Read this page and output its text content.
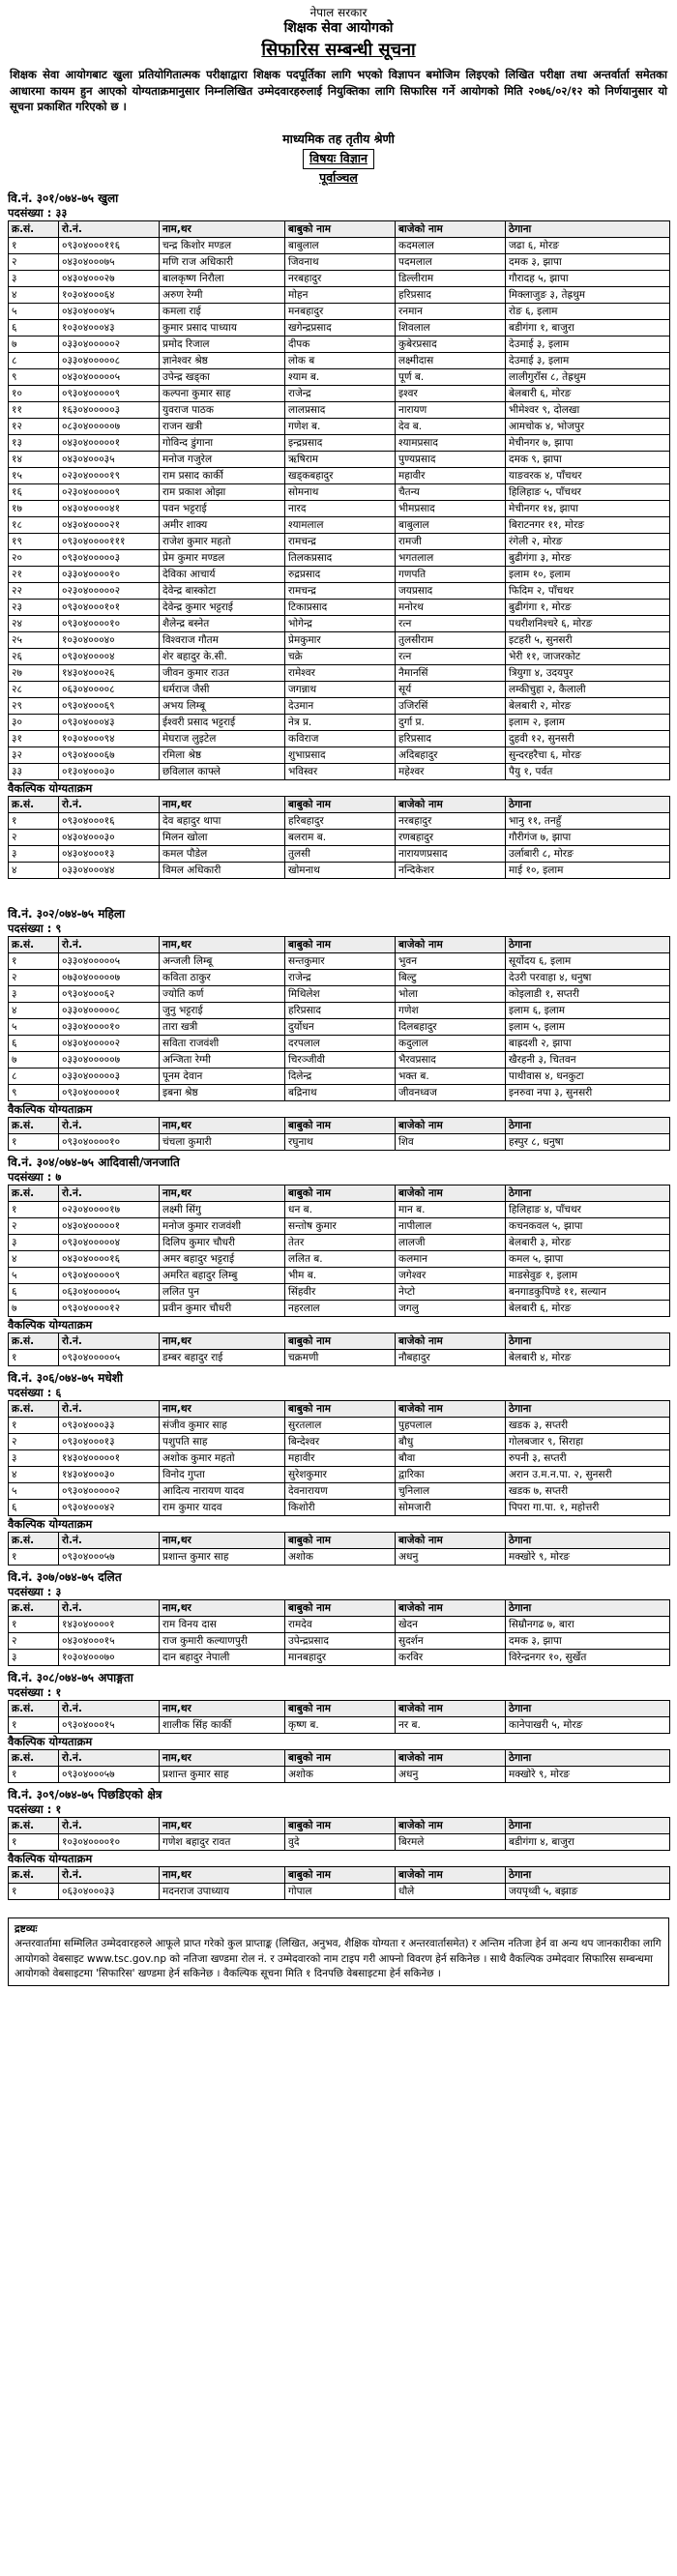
नेपाल सरकार
शिक्षक सेवा आयोगको
सिफारिस सम्बन्धी सूचना
शिक्षक सेवा आयोगबाट खुला प्रतियोगितात्मक परीक्षाद्वारा शिक्षक पदपूर्तिका लागि भएको विज्ञापन बमोजिम लिइएको लिखित परीक्षा तथा अन्तर्वार्ता समेतका आधारमा कायम हुन आएको योग्यताक्रमानुसार निम्नलिखित उम्मेदवारहरुलाई नियुक्तिका लागि सिफारिस गर्ने आयोगको मिति २०७६/०२/१२ को निर्णयानुसार यो सूचना प्रकाशित गरिएको छ ।
माध्यमिक तह तृतीय श्रेणी
विषयः विज्ञान
पूर्वाञ्चल
वि.नं. ३०१/०७४-७५ खुला
पदसंख्या : ३३
क्र.सं.	रो.नं.	नाम,थर	बाबुको नाम	बाजेको नाम	ठेगाना
१	०९३०४०००११६	चन्द्र किशोर मण्डल	बाबुलाल	कदमलाल	जढा ६, मोरङ
२	०४३०४०००७५	मणि राज अधिकारी	जिवनाथ	पदमलाल	दमक ३, झापा
३	०४३०४०००२७	बालकृष्ण निरौला	नरबहादुर	डिल्लीराम	गौरादह ५, झापा
४	१०३०४०००६४	अरुण रेग्मी	मोहन	हरिप्रसाद	मिक्लाजुङ ३, तेह्रथुम
५	०४३०४०००४५	कमला राई	मनबहादुर	रनमान	रोङ ६, इलाम
६	१०३०४०००४३	कुमार प्रसाद पाध्याय	खगेन्द्रप्रसाद	शिवलाल	बडीगंगा १, बाजुरा
७	०३३०४०००००२	प्रमोद रिजाल	दीपक	कुबेरप्रसाद	देउमाई ३, इलाम
८	०३३०४०००००८	ज्ञानेश्वर श्रेष्ठ	लोक ब	लक्ष्मीदास	देउमाई ३, इलाम
९	०४३०४०००००५	उपेन्द्र खड्का	श्याम ब.	पूर्ण ब.	लालीगुराँस ८, तेह्रथुम
१०	०९३०४०००००९	कल्पना कुमार साह	राजेन्द्र	इश्वर	बेलबारी ६, मोरङ
११	१६३०४०००००३	युवराज पाठक	लालप्रसाद	नारायण	भीमेश्वर ९, दोलखा
१२	०८३०४०००००७	राजन खत्री	गणेश ब.	देव ब.	आमचोक ४, भोजपुर
१३	०४३०४०००००१	गोविन्द डुंगाना	इन्द्रप्रसाद	श्यामप्रसाद	मेचीनगर ७, झापा
१४	०४३०४०००३५	मनोज गजुरेल	ऋषिराम	पुण्यप्रसाद	दमक ९, झापा
१५	०२३०४००००१९	राम प्रसाद कार्की	खड्कबहादुर	महावीर	याङवरक ४, पाँचथर
१६	०२३०४०००००९	राम प्रकाश ओझा	सोमनाथ	चैतन्य	हिलिहाङ ५, पाँचथर
१७	०४३०४००००४१	पवन भट्टराई	नारद	भीमप्रसाद	मेचीनगर १४, झापा
१८	०४३०४००००२१	अमीर शाक्य	श्यामलाल	बाबुलाल	बिराटनगर ११, मोरङ
१९	०९३०४००००१११	राजेश कुमार महतो	रामचन्द्र	रामजी	रंगेली २, मोरङ
२०	०९३०४०००००३	प्रेम कुमार मण्डल	तिलकप्रसाद	भगतलाल	बुढीगंगा ३, मोरङ
२१	०३३०४००००१०	देविका आचार्य	रुद्रप्रसाद	गणपति	इलाम १०, इलाम
२२	०२३०४०००००२	देवेन्द्र बास्कोटा	रामचन्द्र	जयप्रसाद	फिदिम २, पाँचथर
२३	०९३०४०००१०१	देवेन्द्र कुमार भट्टराई	टिकाप्रसाद	मनोरथ	बुढीगंगा १, मोरङ
२४	०९३०४००००१०	शैलेन्द्र बस्नेत	भोगेन्द्र	रत्न	पथरीशनिश्चरे ६, मोरङ
२५	१०३०४०००४०	विश्वराज गौतम	प्रेमकुमार	तुलसीराम	इटहरी ५, सुनसरी
२६	०९३०४००००४	शेर बहादुर के.सी.	चक्रे	रत्न	भेरी ११, जाजरकोट
२७	१४३०४०००२६	जीवन कुमार राउत	रामेश्वर	नैमानसिं	त्रियुगा ४, उदयपुर
२८	०६३०४००००८	धर्मराज जैसी	जगन्नाथ	सूर्य	लम्कीचुहा २, कैलाली
२९	०९३०४०००६९	अभय लिम्बू	देउमान	उजिरसिं	बेलबारी २, मोरङ
३०	०९३०४०००४३	ईश्वरी प्रसाद भट्टराई	नेत्र प्र.	दुर्गा प्र.	इलाम २, इलाम
३१	१०३०४०००९४	मेघराज लुइटेल	कविराज	हरिप्रसाद	दुहवी १२, सुनसरी
३२	०९३०४०००६७	रमिला श्रेष्ठ	शुभाप्रसाद	अदिबहादुर	सुन्दरहरैचा ६, मोरङ
३३	०१३०४०००३०	छविलाल काफ्ले	भविस्वर	महेश्वर	पैयु १, पर्वत
वैकल्पिक योग्यताक्रम
क्र.सं.	रो.नं.	नाम,थर	बाबुको नाम	बाजेको नाम	ठेगाना
१	०९३०४०००१६	देव बहादुर थापा	हरिबहादुर	नरबहादुर	भानु ११, तनहुँ
२	०४३०४०००३०	मिलन खोला	बलराम ब.	रणबहादुर	गौरीगंज ७, झापा
३	०४३०४०००१३	कमल पौडेल	तुलसी	नारायणप्रसाद	उर्लाबारी ८, मोरङ
४	०३३०४०००४४	विमल अधिकारी	खोमनाथ	नन्दिकेशर	माई १०, इलाम
वि.नं. ३०२/०७४-७५ महिला
पदसंख्या : ९
क्र.सं.	रो.नं.	नाम,थर	बाबुको नाम	बाजेको नाम	ठेगाना
१	०३३०४०००००५	अन्जली लिम्बू	सन्तकुमार	भुवन	सूर्योदय ६, इलाम
२	०७३०४०००००७	कविता ठाकुर	राजेन्द्र	बिल्टु	देउरी परवाहा ४, धनुषा
३	०९३०४०००६२	ज्योति कर्ण	मिथिलेश	भोला	कोइलाडी १, सप्तरी
४	०३३०४०००००८	जुनु भट्टराई	हरिप्रसाद	गणेश	इलाम ६, इलाम
५	०३३०४००००१०	तारा खत्री	दुर्योधन	दिलबहादुर	इलाम ५, इलाम
६	०४३०४०००००२	सविता राजवंशी	दरपलाल	कदुलाल	बाह्रदशी २, झापा
७	०३३०४०००००७	अन्जिता रेग्मी	चिरञ्जीवी	भैरवप्रसाद	खैरहनी ३, चितवन
८	०३३०४०००००३	पूनम देवान	दिलेन्द्र	भक्त ब.	पाथीवास ४, धनकुटा
९	०९३०४०००००१	इबना श्रेष्ठ	बद्रिनाथ	जीवनध्वज	इनरुवा नपा ३, सुनसरी
वैकल्पिक योग्यताक्रम
क्र.सं.	रो.नं.	नाम,थर	बाबुको नाम	बाजेको नाम	ठेगाना
१	०९३०४००००१०	चंचला कुमारी	रघुनाथ	शिव	हस्पुर ८, धनुषा
वि.नं. ३०४/०७४-७५ आदिवासी/जनजाति
पदसंख्या : ७
क्र.सं.	रो.नं.	नाम,थर	बाबुको नाम	बाजेको नाम	ठेगाना
१	०२३०४००००१७	लक्ष्मी सिंगु	धन ब.	मान ब.	हिलिहाङ ४, पाँचथर
२	०४३०४०००००१	मनोज कुमार राजवंशी	सन्तोष कुमार	नापीलाल	कचनकवल ५, झापा
३	०९३०४०००००४	दिलिप कुमार चौधरी	तेतर	लालजी	बेलबारी ३, मोरङ
४	०४३०४००००१६	अमर बहादुर भट्टराई	ललित ब.	कलमान	कमल ५, झापा
५	०९३०४०००००९	अमरित बहादुर लिम्बु	भीम ब.	जगेश्वर	माडसेवुङ १, इलाम
६	०६३०४०००००५	ललित पुन	सिंहवीर	नेप्टो	बनगाडकुपिण्डे ११, सल्यान
७	०९३०४००००१२	प्रवीन कुमार चौधरी	नहरलाल	जगलु	बेलबारी ६, मोरङ
वैकल्पिक योग्यताक्रम
क्र.सं.	रो.नं.	नाम,थर	बाबुको नाम	बाजेको नाम	ठेगाना
१	०९३०४०००००५	डम्बर बहादुर राई	चक्रमणी	नौबहादुर	बेलबारी ४, मोरङ
वि.नं. ३०६/०७४-७५ मधेशी
पदसंख्या : ६
क्र.सं.	रो.नं.	नाम,थर	बाबुको नाम	बाजेको नाम	ठेगाना
१	०९३०४०००३३	संजीव कुमार साह	सुरतलाल	पुहपलाल	खडक ३, सप्तरी
२	०९३०४०००१३	पशुपति साह	बिन्देश्वर	बौधु	गोलबजार ९, सिराहा
३	१४३०४०००००१	अशोक कुमार महतो	महावीर	बौवा	रुपनी ३, सप्तरी
४	१४३०४०००३०	विनोद गुप्ता	सुरेशकुमार	द्वारिका	अरान उ.म.न.पा. २, सुनसरी
५	०९३०४०००००२	आदित्य नारायण यादव	देवनारायण	चुनिलाल	खडक ७, सप्तरी
६	०९३०४०००४२	राम कुमार यादव	किशोरी	सोमजारी	पिपरा गा.पा. १, महोत्तरी
वैकल्पिक योग्यताक्रम
क्र.सं.	रो.नं.	नाम,थर	बाबुको नाम	बाजेको नाम	ठेगाना
१	०९३०४०००५७	प्रशान्त कुमार साह	अशोक	अधनु	मक्खोरे ९, मोरङ
वि.नं. ३०७/०७४-७५ दलित
पदसंख्या : ३
क्र.सं.	रो.नं.	नाम,थर	बाबुको नाम	बाजेको नाम	ठेगाना
१	१४३०४००००१	राम विनय दास	रामदेव	खेदन	सिम्रौनगढ ७, बारा
२	०४३०४०००१५	राज कुमारी कल्याणपुरी	उपेन्द्रप्रसाद	सुदर्शन	दमक ३, झापा
३	१०३०४०००७०	दान बहादुर नेपाली	मानबहादुर	करविर	विरेन्द्रनगर १०, सुर्खेत
वि.नं. ३०८/०७४-७५ अपाङ्गता
पदसंख्या : १
क्र.सं.	रो.नं.	नाम,थर	बाबुको नाम	बाजेको नाम	ठेगाना
१	०९३०४०००१५	शालीक सिंह कार्की	कृष्ण ब.	नर ब.	कानेपाखरी ५, मोरङ
वैकल्पिक योग्यताक्रम
क्र.सं.	रो.नं.	नाम,थर	बाबुको नाम	बाजेको नाम	ठेगाना
१	०९३०४०००५७	प्रशान्त कुमार साह	अशोक	अधनु	मक्खोरे ९, मोरङ
वि.नं. ३०९/०७४-७५ पिछडिएको क्षेत्र
पदसंख्या : १
क्र.सं.	रो.नं.	नाम,थर	बाबुको नाम	बाजेको नाम	ठेगाना
१	१०३०४००००१०	गणेश बहादुर रावत	वुदे	बिरमले	बडीगंगा ४, बाजुरा
वैकल्पिक योग्यताक्रम
क्र.सं.	रो.नं.	नाम,थर	बाबुको नाम	बाजेको नाम	ठेगाना
१	०६३०४०००३३	मदनराज उपाध्याय	गोपाल	धौले	जयपृथ्वी ५, बझाङ
द्रष्टव्यः
अन्तरवार्तामा सम्मिलित उम्मेदवारहरुले आफूले प्राप्त गरेको कुल प्राप्ताङ्क (लिखित, अनुभव, शैक्षिक योग्यता र अन्तरवार्तासमेत) र अन्तिम नतिजा हेर्न वा अन्य थप जानकारीका लागि आयोगको वेबसाइट www.tsc.gov.np को नतिजा खण्डमा रोल नं. र उम्मेदवारको नाम टाइप गरी आफ्नो विवरण हेर्न सकिनेछ । साथै वैकल्पिक उम्मेदवार सिफारिस सम्बन्धमा आयोगको वेबसाइटमा 'सिफारिस' खण्डमा हेर्न सकिनेछ । वैकल्पिक सूचना मिति १ दिनपछि वेबसाइटमा हेर्न सकिनेछ ।
